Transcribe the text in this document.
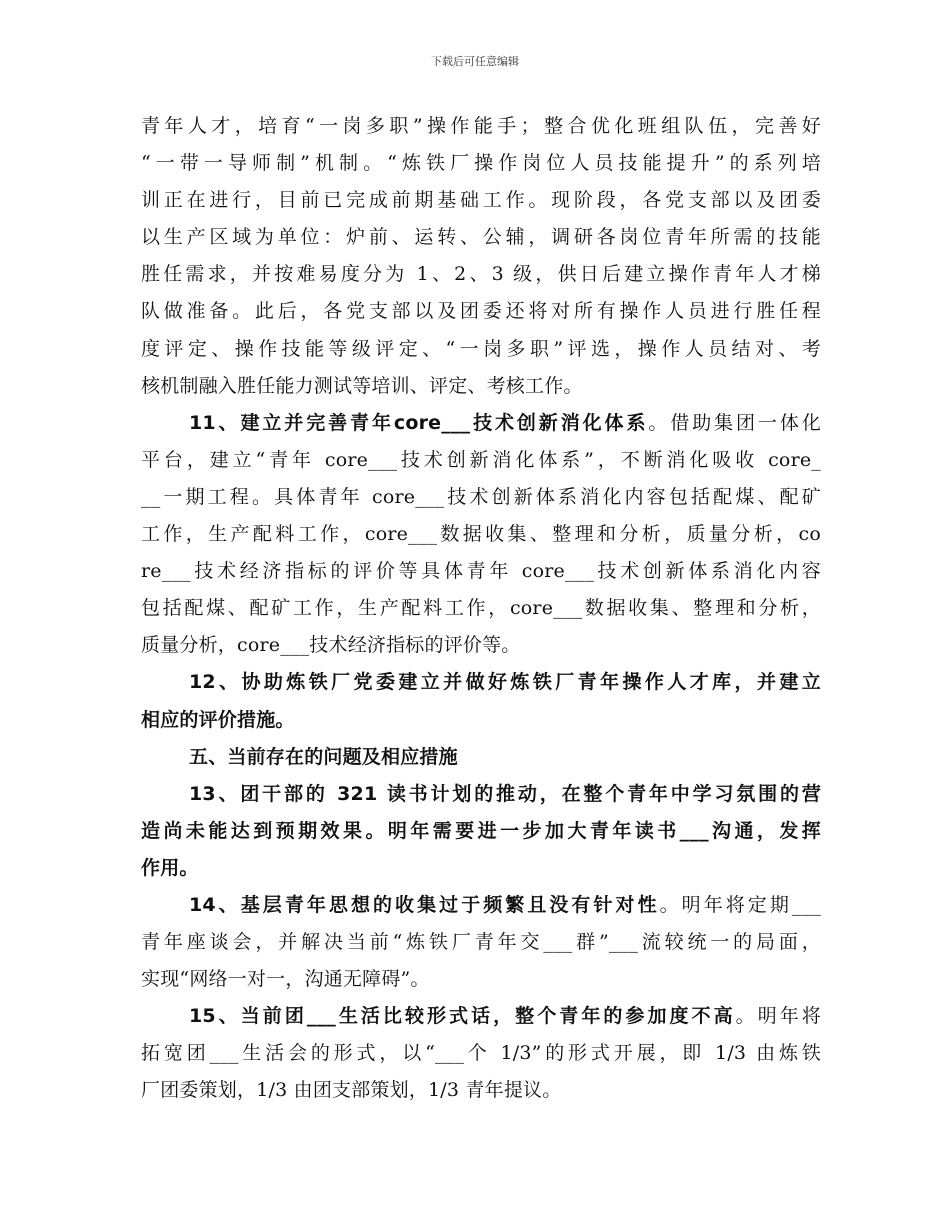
下载后可任意编辑
青年人才，培育“一岗多职”操作能手；整合优化班组队伍，完善好
“一带一导师制”机制。“炼铁厂操作岗位人员技能提升”的系列培
训正在进行，目前已完成前期基础工作。现阶段，各党支部以及团委
以生产区域为单位：炉前、运转、公辅，调研各岗位青年所需的技能
胜任需求，并按难易度分为 1、2、3 级，供日后建立操作青年人才梯
队做准备。此后，各党支部以及团委还将对所有操作人员进行胜任程
度评定、操作技能等级评定、“一岗多职”评选，操作人员结对、考
核机制融入胜任能力测试等培训、评定、考核工作。
11、建立并完善青年core___技术创新消化体系。借助集团一体化
平台，建立“青年 core___技术创新消化体系”，不断消化吸收 core_
__一期工程。具体青年 core___技术创新体系消化内容包括配煤、配矿
工作，生产配料工作，core___数据收集、整理和分析，质量分析，co
re___技术经济指标的评价等具体青年 core___技术创新体系消化内容
包括配煤、配矿工作，生产配料工作，core___数据收集、整理和分析，
质量分析，core___技术经济指标的评价等。
12、协助炼铁厂党委建立并做好炼铁厂青年操作人才库，并建立
相应的评价措施。
五、当前存在的问题及相应措施
13、团干部的 321 读书计划的推动，在整个青年中学习氛围的营
造尚未能达到预期效果。明年需要进一步加大青年读书___沟通，发挥
作用。
14、基层青年思想的收集过于频繁且没有针对性。明年将定期___
青年座谈会，并解决当前“炼铁厂青年交___群”___流较统一的局面，
实现“网络一对一，沟通无障碍”。
15、当前团___生活比较形式话，整个青年的参加度不高。明年将
拓宽团___生活会的形式，以“___个 1/3”的形式开展，即 1/3 由炼铁
厂团委策划，1/3 由团支部策划，1/3 青年提议。
